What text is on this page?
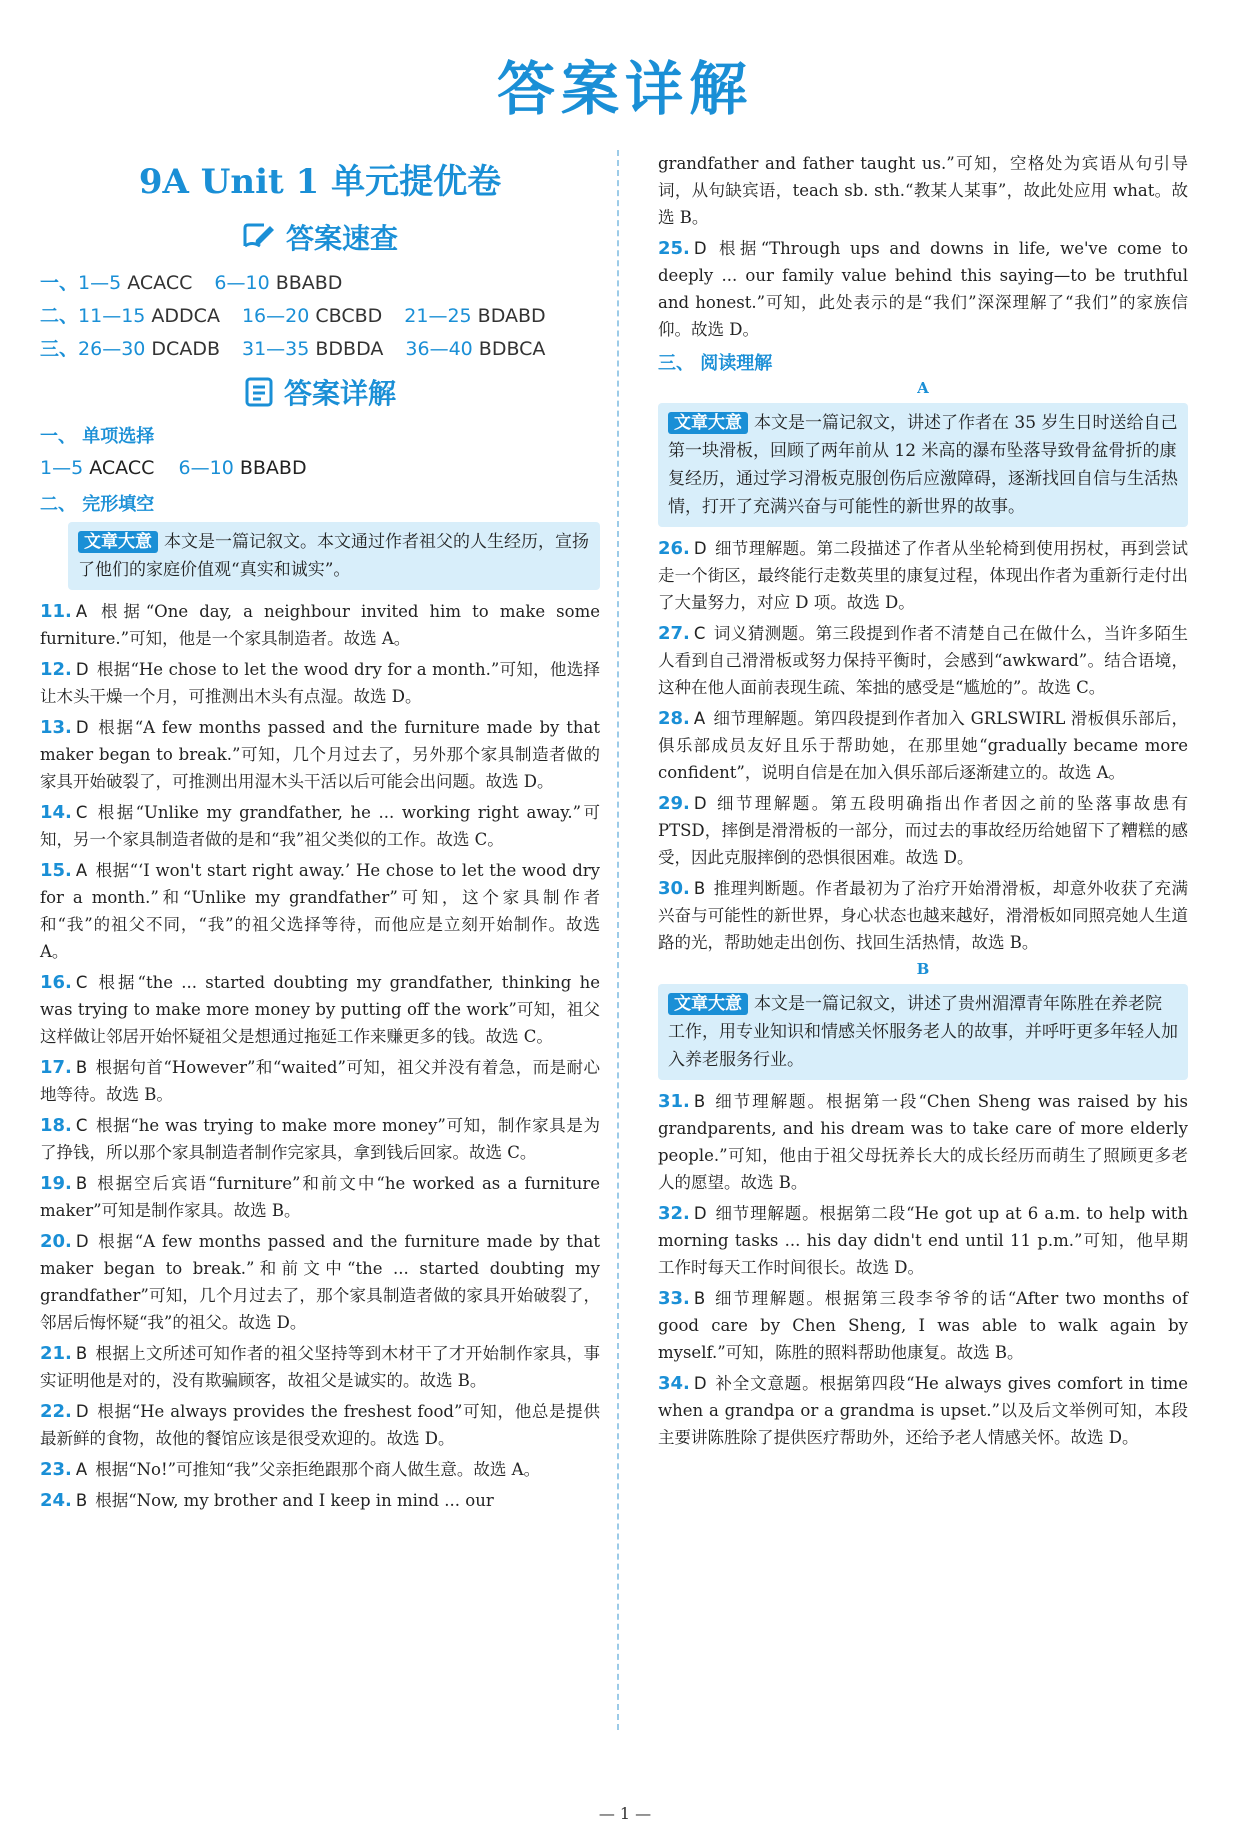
答案详解
9A Unit 1 单元提优卷
答案速查
一、1—5 ACACC 6—10 BBABD
二、11—15 ADDCA 16—20 CBCBD 21—25 BDABD
三、26—30 DCADB 31—35 BDBDA 36—40 BDBCA
答案详解
一、 单项选择
1—5 ACACC 6—10 BBABD
二、 完形填空
文章大意 本文是一篇记叙文。本文通过作者祖父的人生经历，宣扬了他们的家庭价值观“真实和诚实”。
11. A 根据“One day, a neighbour invited him to make some furniture.”可知，他是一个家具制造者。故选 A。
12. D 根据“He chose to let the wood dry for a month.”可知，他选择让木头干燥一个月，可推测出木头有点湿。故选 D。
13. D 根据“A few months passed and the furniture made by that maker began to break.”可知，几个月过去了，另外那个家具制造者做的家具开始破裂了，可推测出用湿木头干活以后可能会出问题。故选 D。
14. C 根据“Unlike my grandfather, he ... working right away.”可知，另一个家具制造者做的是和“我”祖父类似的工作。故选 C。
15. A 根据“‘I won't start right away.’ He chose to let the wood dry for a month.”和“Unlike my grandfather”可知，这个家具制作者和“我”的祖父不同，“我”的祖父选择等待，而他应是立刻开始制作。故选 A。
16. C 根据“the ... started doubting my grandfather, thinking he was trying to make more money by putting off the work”可知，祖父这样做让邻居开始怀疑祖父是想通过拖延工作来赚更多的钱。故选 C。
17. B 根据句首“However”和“waited”可知，祖父并没有着急，而是耐心地等待。故选 B。
18. C 根据“he was trying to make more money”可知，制作家具是为了挣钱，所以那个家具制造者制作完家具，拿到钱后回家。故选 C。
19. B 根据空后宾语“furniture”和前文中“he worked as a furniture maker”可知是制作家具。故选 B。
20. D 根据“A few months passed and the furniture made by that maker began to break.”和前文中“the ... started doubting my grandfather”可知，几个月过去了，那个家具制造者做的家具开始破裂了，邻居后悔怀疑“我”的祖父。故选 D。
21. B 根据上文所述可知作者的祖父坚持等到木材干了才开始制作家具，事实证明他是对的，没有欺骗顾客，故祖父是诚实的。故选 B。
22. D 根据“He always provides the freshest food”可知，他总是提供最新鲜的食物，故他的餐馆应该是很受欢迎的。故选 D。
23. A 根据“No!”可推知“我”父亲拒绝跟那个商人做生意。故选 A。
24. B 根据“Now, my brother and I keep in mind ... our
grandfather and father taught us.”可知，空格处为宾语从句引导词，从句缺宾语，teach sb. sth.“教某人某事”，故此处应用 what。故选 B。
25. D 根据“Through ups and downs in life, we've come to deeply ... our family value behind this saying—to be truthful and honest.”可知，此处表示的是“我们”深深理解了“我们”的家族信仰。故选 D。
三、 阅读理解
A
文章大意 本文是一篇记叙文，讲述了作者在 35 岁生日时送给自己第一块滑板，回顾了两年前从 12 米高的瀑布坠落导致骨盆骨折的康复经历，通过学习滑板克服创伤后应激障碍，逐渐找回自信与生活热情，打开了充满兴奋与可能性的新世界的故事。
26. D 细节理解题。第二段描述了作者从坐轮椅到使用拐杖，再到尝试走一个街区，最终能行走数英里的康复过程，体现出作者为重新行走付出了大量努力，对应 D 项。故选 D。
27. C 词义猜测题。第三段提到作者不清楚自己在做什么，当许多陌生人看到自己滑滑板或努力保持平衡时，会感到“awkward”。结合语境，这种在他人面前表现生疏、笨拙的感受是“尴尬的”。故选 C。
28. A 细节理解题。第四段提到作者加入 GRLSWIRL 滑板俱乐部后，俱乐部成员友好且乐于帮助她，在那里她“gradually became more confident”，说明自信是在加入俱乐部后逐渐建立的。故选 A。
29. D 细节理解题。第五段明确指出作者因之前的坠落事故患有 PTSD，摔倒是滑滑板的一部分，而过去的事故经历给她留下了糟糕的感受，因此克服摔倒的恐惧很困难。故选 D。
30. B 推理判断题。作者最初为了治疗开始滑滑板，却意外收获了充满兴奋与可能性的新世界，身心状态也越来越好，滑滑板如同照亮她人生道路的光，帮助她走出创伤、找回生活热情，故选 B。
B
文章大意 本文是一篇记叙文，讲述了贵州湄潭青年陈胜在养老院工作，用专业知识和情感关怀服务老人的故事，并呼吁更多年轻人加入养老服务行业。
31. B 细节理解题。根据第一段“Chen Sheng was raised by his grandparents, and his dream was to take care of more elderly people.”可知，他由于祖父母抚养长大的成长经历而萌生了照顾更多老人的愿望。故选 B。
32. D 细节理解题。根据第二段“He got up at 6 a.m. to help with morning tasks ... his day didn't end until 11 p.m.”可知，他早期工作时每天工作时间很长。故选 D。
33. B 细节理解题。根据第三段李爷爷的话“After two months of good care by Chen Sheng, I was able to walk again by myself.”可知，陈胜的照料帮助他康复。故选 B。
34. D 补全文意题。根据第四段“He always gives comfort in time when a grandpa or a grandma is upset.”以及后文举例可知，本段主要讲陈胜除了提供医疗帮助外，还给予老人情感关怀。故选 D。
— 1 —
